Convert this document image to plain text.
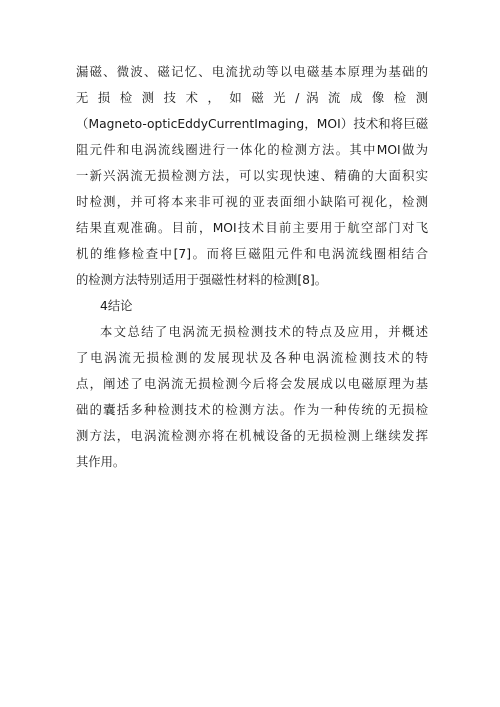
漏磁、微波、磁记忆、电流扰动等以电磁基本原理为基础的
无 损 检 测 技 术 ， 如 磁 光 / 涡 流 成 像 检 测
（Magneto-opticEddyCurrentImaging，MOI）技术和将巨磁
阻元件和电涡流线圈进行一体化的检测方法。其中MOI做为
一新兴涡流无损检测方法，可以实现快速、精确的大面积实
时检测，并可将本来非可视的亚表面细小缺陷可视化，检测
结果直观准确。目前，MOI技术目前主要用于航空部门对飞
机的维修检查中[7]。而将巨磁阻元件和电涡流线圈相结合
的检测方法特别适用于强磁性材料的检测[8]。
4结论
本文总结了电涡流无损检测技术的特点及应用，并概述
了电涡流无损检测的发展现状及各种电涡流检测技术的特
点，阐述了电涡流无损检测今后将会发展成以电磁原理为基
础的囊括多种检测技术的检测方法。作为一种传统的无损检
测方法，电涡流检测亦将在机械设备的无损检测上继续发挥
其作用。
